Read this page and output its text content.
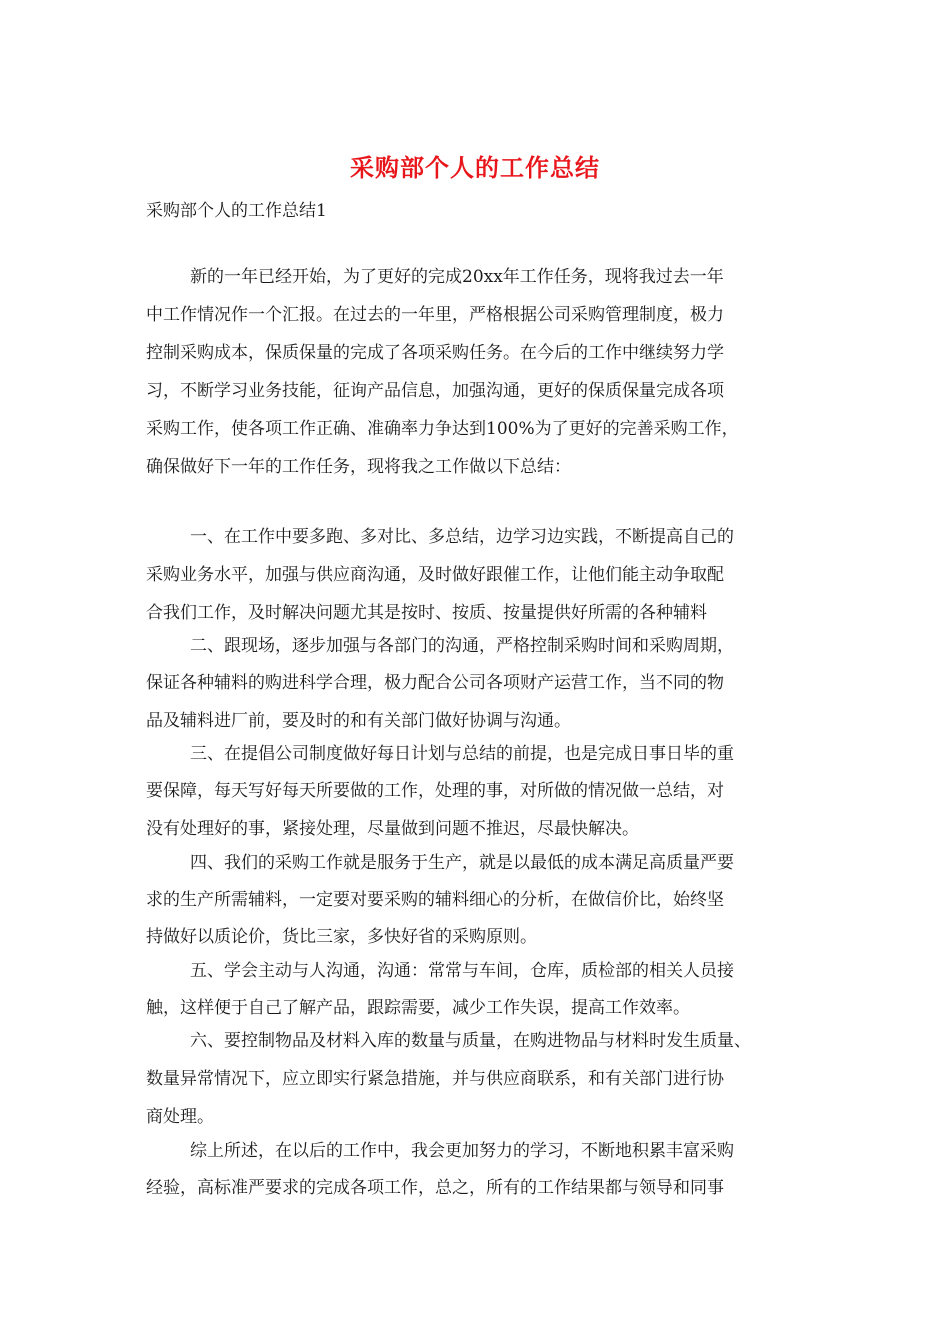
采购部个人的工作总结
采购部个人的工作总结1
新的一年已经开始，为了更好的完成20xx年工作任务，现将我过去一年
中工作情况作一个汇报。在过去的一年里，严格根据公司采购管理制度，极力
控制采购成本，保质保量的完成了各项采购任务。在今后的工作中继续努力学
习，不断学习业务技能，征询产品信息，加强沟通，更好的保质保量完成各项
采购工作，使各项工作正确、准确率力争达到100%为了更好的完善采购工作，
确保做好下一年的工作任务，现将我之工作做以下总结：
一、在工作中要多跑、多对比、多总结，边学习边实践，不断提高自己的
采购业务水平，加强与供应商沟通，及时做好跟催工作，让他们能主动争取配
合我们工作，及时解决问题尤其是按时、按质、按量提供好所需的各种辅料
二、跟现场，逐步加强与各部门的沟通，严格控制采购时间和采购周期，
保证各种辅料的购进科学合理，极力配合公司各项财产运营工作，当不同的物
品及辅料进厂前，要及时的和有关部门做好协调与沟通。
三、在提倡公司制度做好每日计划与总结的前提，也是完成日事日毕的重
要保障，每天写好每天所要做的工作，处理的事，对所做的情况做一总结，对
没有处理好的事，紧接处理，尽量做到问题不推迟，尽最快解决。
四、我们的采购工作就是服务于生产，就是以最低的成本满足高质量严要
求的生产所需辅料，一定要对要采购的辅料细心的分析，在做信价比，始终坚
持做好以质论价，货比三家，多快好省的采购原则。
五、学会主动与人沟通，沟通：常常与车间，仓库，质检部的相关人员接
触，这样便于自己了解产品，跟踪需要，减少工作失误，提高工作效率。
六、要控制物品及材料入库的数量与质量，在购进物品与材料时发生质量、
数量异常情况下，应立即实行紧急措施，并与供应商联系，和有关部门进行协
商处理。
综上所述，在以后的工作中，我会更加努力的学习，不断地积累丰富采购
经验，高标准严要求的完成各项工作，总之，所有的工作结果都与领导和同事
